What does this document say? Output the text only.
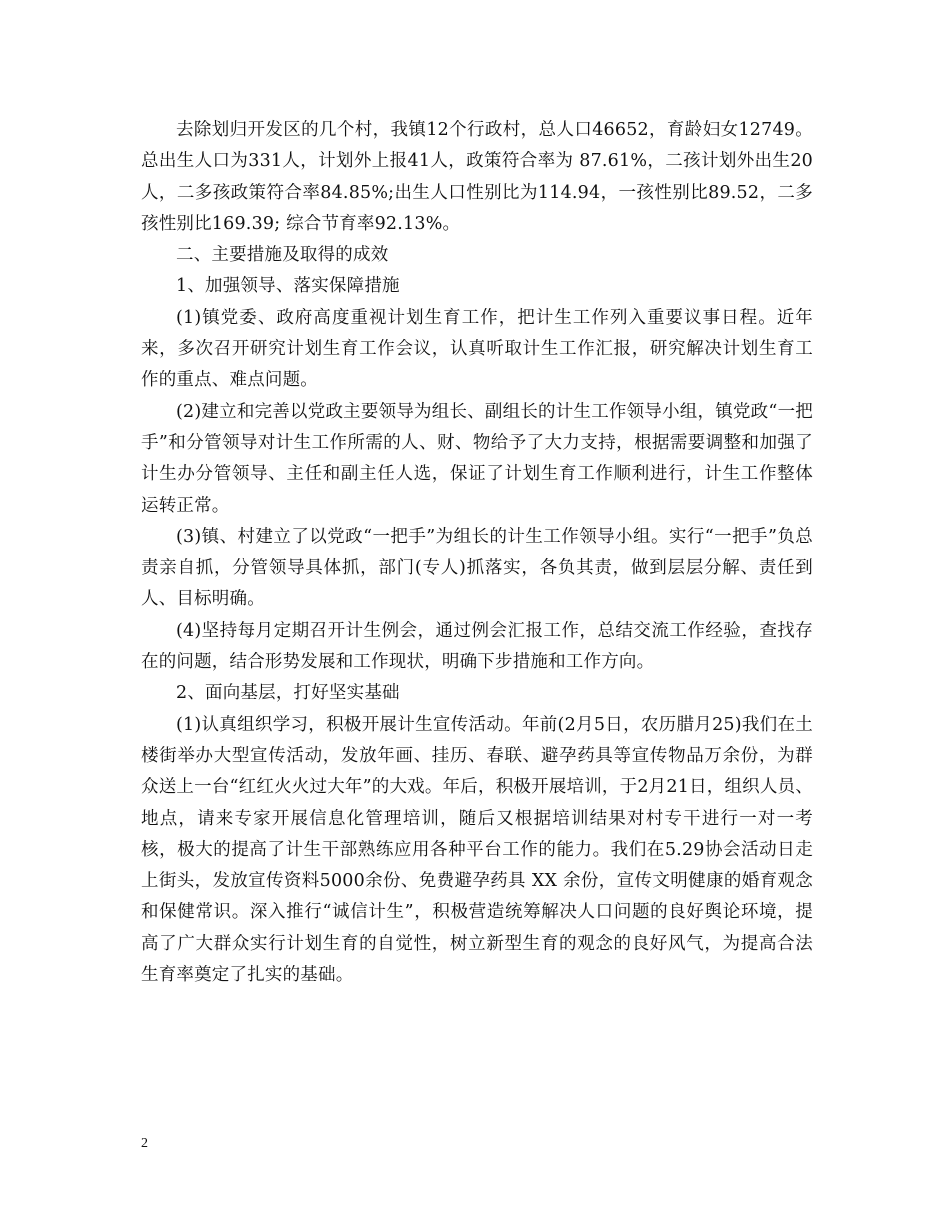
去除划归开发区的几个村，我镇12个行政村，总人口46652，育龄妇女12749。总出生人口为331人，计划外上报41人，政策符合率为 87.61%，二孩计划外出生20人，二多孩政策符合率84.85%;出生人口性别比为114.94，一孩性别比89.52，二多孩性别比169.39; 综合节育率92.13%。

二、主要措施及取得的成效

1、加强领导、落实保障措施

(1)镇党委、政府高度重视计划生育工作，把计生工作列入重要议事日程。近年来，多次召开研究计划生育工作会议，认真听取计生工作汇报，研究解决计划生育工作的重点、难点问题。

(2)建立和完善以党政主要领导为组长、副组长的计生工作领导小组，镇党政“一把手”和分管领导对计生工作所需的人、财、物给予了大力支持，根据需要调整和加强了计生办分管领导、主任和副主任人选，保证了计划生育工作顺利进行，计生工作整体运转正常。

(3)镇、村建立了以党政“一把手”为组长的计生工作领导小组。实行“一把手”负总责亲自抓，分管领导具体抓，部门(专人)抓落实，各负其责，做到层层分解、责任到人、目标明确。

(4)坚持每月定期召开计生例会，通过例会汇报工作，总结交流工作经验，查找存在的问题，结合形势发展和工作现状，明确下步措施和工作方向。

2、面向基层，打好坚实基础

(1)认真组织学习，积极开展计生宣传活动。年前(2月5日，农历腊月25)我们在土楼街举办大型宣传活动，发放年画、挂历、春联、避孕药具等宣传物品万余份，为群众送上一台“红红火火过大年”的大戏。年后，积极开展培训，于2月21日，组织人员、地点，请来专家开展信息化管理培训，随后又根据培训结果对村专干进行一对一考核，极大的提高了计生干部熟练应用各种平台工作的能力。我们在5.29协会活动日走上街头，发放宣传资料5000余份、免费避孕药具 XX 余份，宣传文明健康的婚育观念和保健常识。深入推行“诚信计生”，积极营造统筹解决人口问题的良好舆论环境，提高了广大群众实行计划生育的自觉性，树立新型生育的观念的良好风气，为提高合法生育率奠定了扎实的基础。

2
